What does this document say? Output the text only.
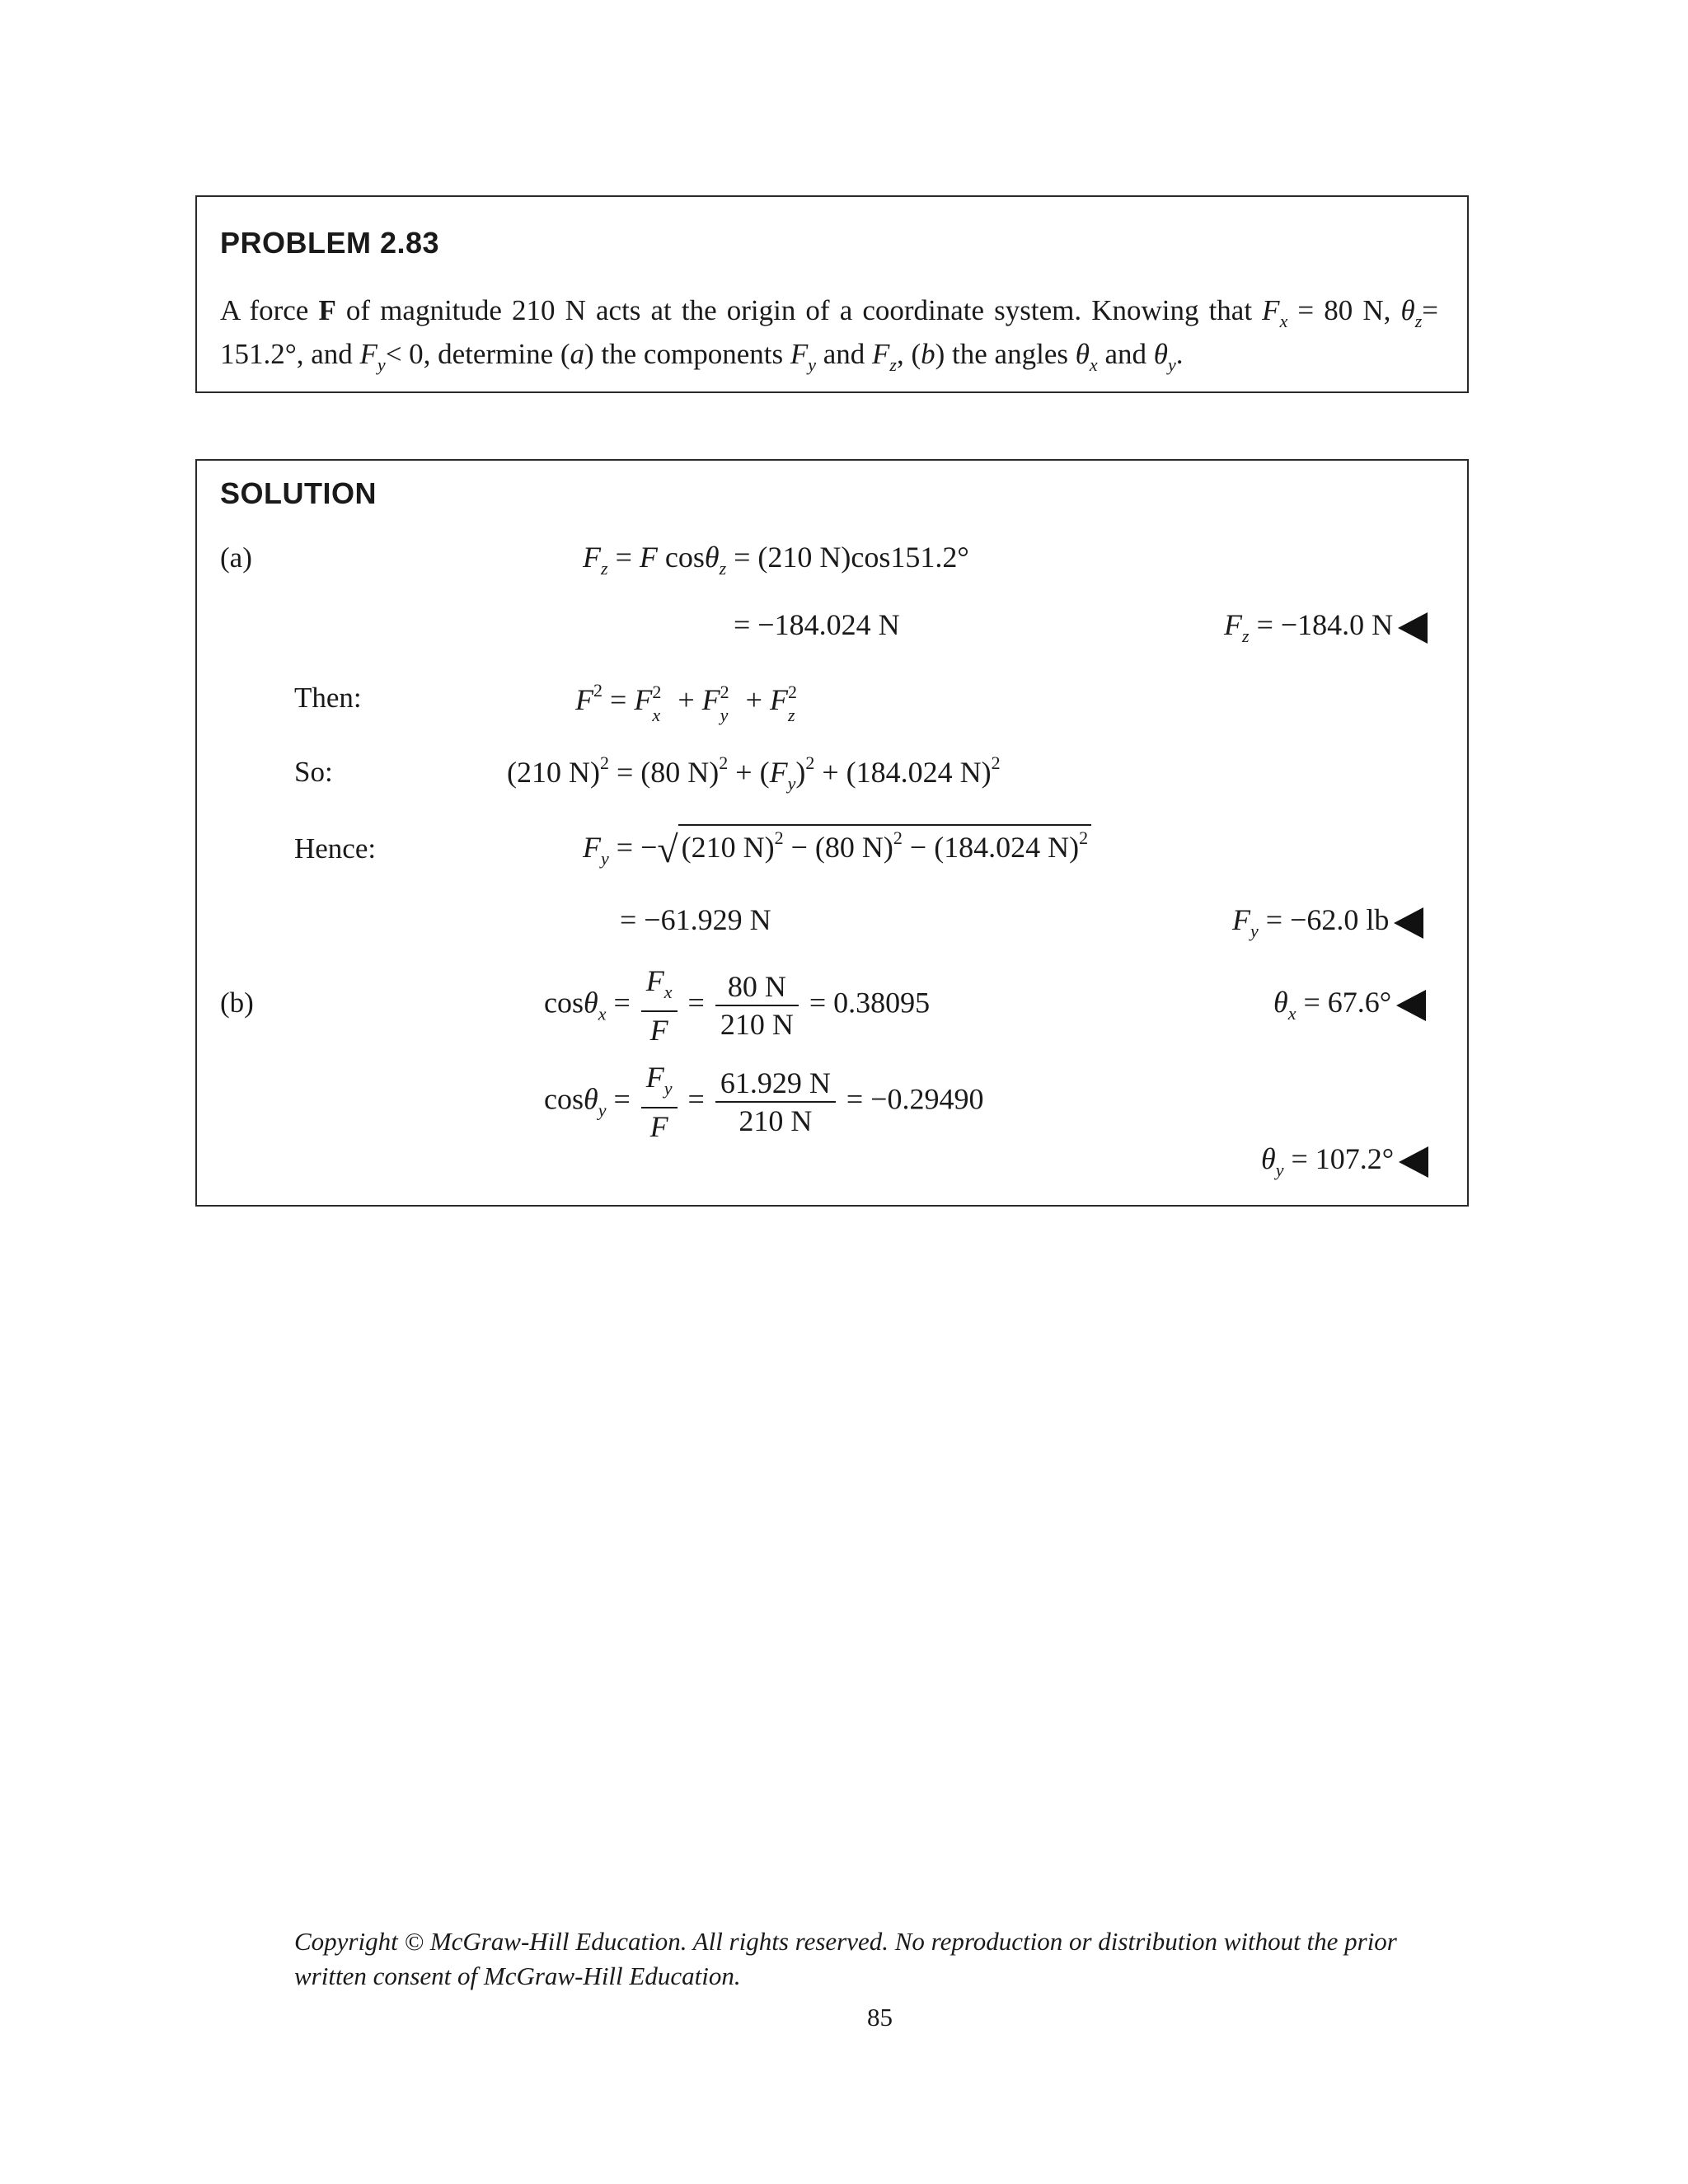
PROBLEM 2.83
A force F of magnitude 210 N acts at the origin of a coordinate system. Knowing that $F_x = 80$ N, $\theta_z= 151.2^\circ$, and $F_y< 0$, determine (a) the components $F_y$ and $F_z$, (b) the angles $\theta_x$ and $\theta_y$.
SOLUTION
(a)	$F_z = F$ cosθ$_z$ = (210 N)cos151.2°
= −184.024 N	$F_z = -184.0$ N
Then:	$F^2 = F$ 2
x + F 2
y + F 2
z
So:	(210 N)$^2$ = (80 $N)^2 + (F_y)^2 + (184.024$ N)$^2$
Hence:	$F_y$ = −√ (210 N)$^2$ − (80 N)$^2$ − (184.024 N)$^2$
= −61.929 N	$F_y = -62.0$ lb
(b)	$\cos\theta_x = \frac{F_x}{F} = \frac{80 N}{210 N} = 0.38095$	$\theta_x = 67.6^\circ$
$\cos\theta_y = \frac{F_y}{F} = \frac{61.929 N}{210 N} = -0.29490$
$\theta_y = 107.2^\circ$
Copyright © McGraw-Hill Education. All rights reserved. No reproduction or distribution without the prior written consent of McGraw-Hill Education.
85
